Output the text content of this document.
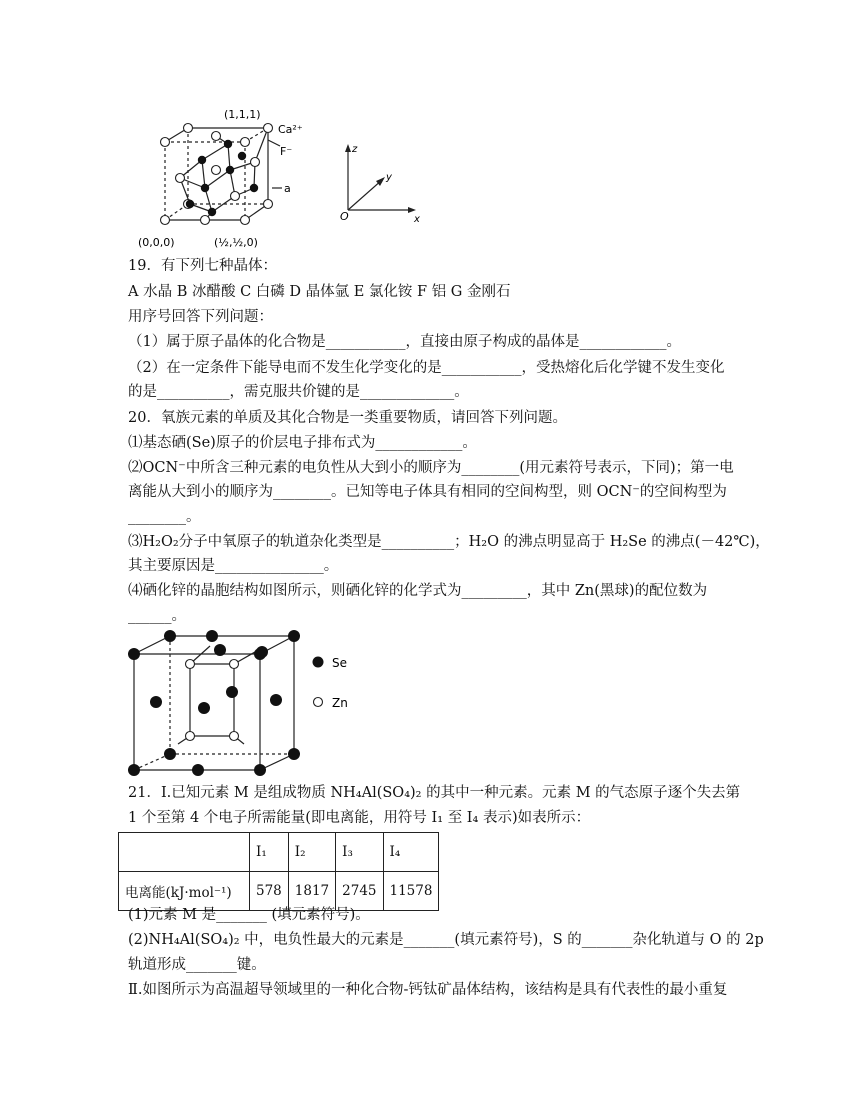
(1,1,1)
Ca²⁺
F⁻
a
(0,0,0)	(½,½,0)
z
y
x
O
19．有下列七种晶体：
A 水晶 B 冰醋酸 C 白磷 D 晶体氩 E 氯化铵 F 铝 G 金刚石
用序号回答下列问题：
（1）属于原子晶体的化合物是___________，直接由原子构成的晶体是____________。
（2）在一定条件下能导电而不发生化学变化的是___________，受热熔化后化学键不发生变化
的是__________，需克服共价键的是_____________。
20．氧族元素的单质及其化合物是一类重要物质，请回答下列问题。
⑴基态硒(Se)原子的价层电子排布式为____________。
⑵OCN⁻中所含三种元素的电负性从大到小的顺序为________(用元素符号表示，下同)；第一电
离能从大到小的顺序为________。已知等电子体具有相同的空间构型，则 OCN⁻的空间构型为
________。
⑶H₂O₂分子中氧原子的轨道杂化类型是__________；H₂O 的沸点明显高于 H₂Se 的沸点(－42℃)，
其主要原因是_______________。
⑷硒化锌的晶胞结构如图所示，则硒化锌的化学式为_________，其中 Zn(黑球)的配位数为
______。
Se
Zn
21．Ⅰ.已知元素 M 是组成物质 NH₄Al(SO₄)₂ 的其中一种元素。元素 M 的气态原子逐个失去第
1 个至第 4 个电子所需能量(即电离能，用符号 I₁ 至 I₄ 表示)如表所示：
	I₁	I₂	I₃	I₄
电离能(kJ·mol⁻¹)	578	1817	2745	11578
(1)元素 M 是_______ (填元素符号)。
(2)NH₄Al(SO₄)₂ 中，电负性最大的元素是_______(填元素符号)，S 的_______杂化轨道与 O 的 2p
轨道形成_______键。
Ⅱ.如图所示为高温超导领域里的一种化合物-钙钛矿晶体结构，该结构是具有代表性的最小重复
